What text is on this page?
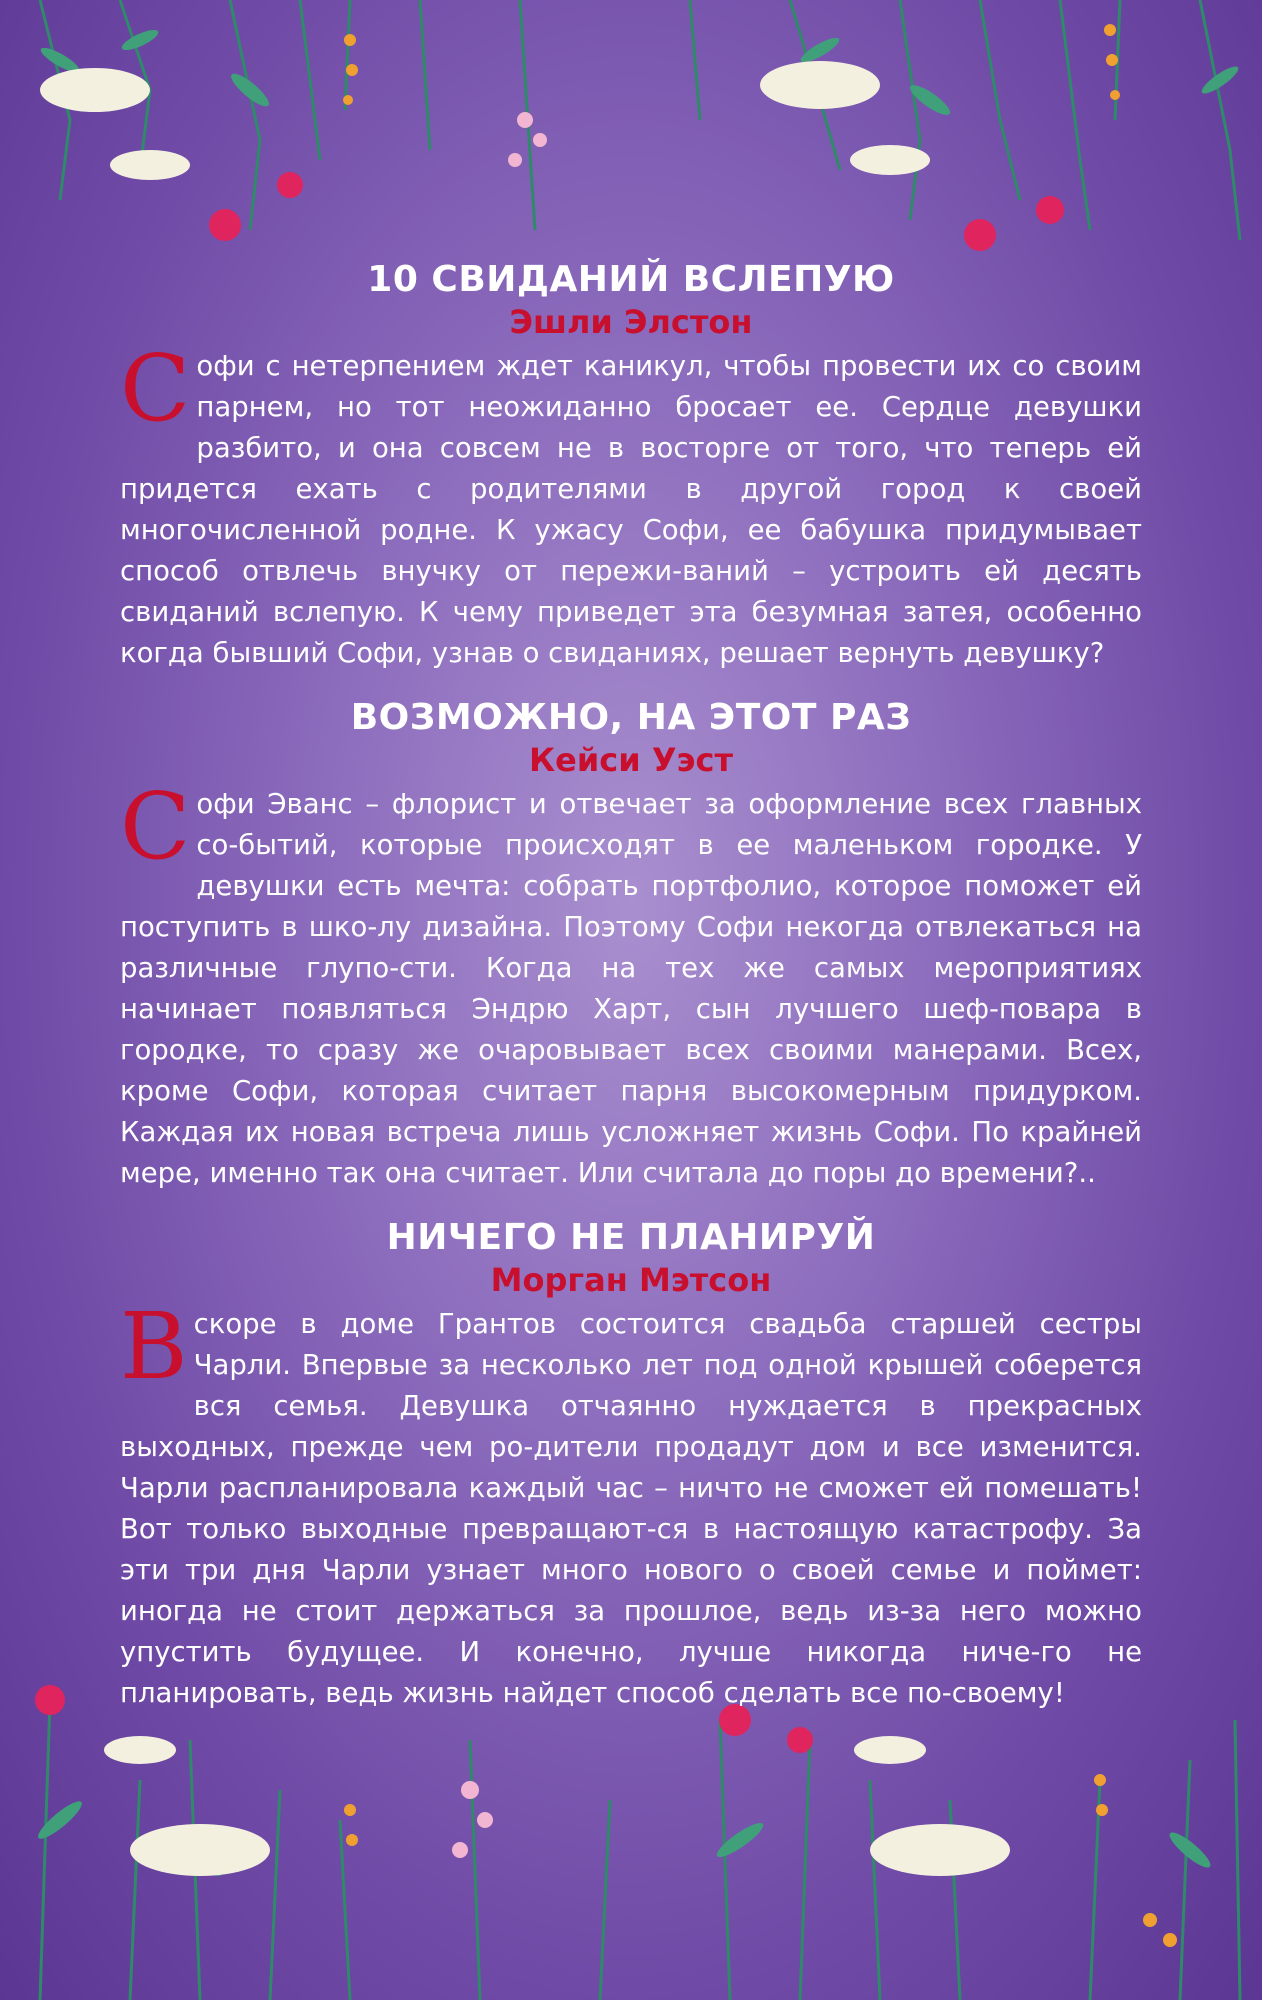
10 СВИДАНИЙ ВСЛЕПУЮ
Эшли Элстон

С офи с нетерпением ждет каникул, чтобы провести их со своим парнем, но тот неожиданно бросает ее. Сердце девушки разбито, и она совсем не в восторге от того, что теперь ей придется ехать с родителями в другой город к своей многочисленной родне. К ужасу Софи, ее бабушка придумывает способ отвлечь внучку от пережи-ваний – устроить ей десять свиданий вслепую. К чему приведет эта безумная затея, особенно когда бывший Софи, узнав о свиданиях, решает вернуть девушку?

ВОЗМОЖНО, НА ЭТОТ РАЗ
Кейси Уэст

С офи Эванс – флорист и отвечает за оформление всех главных со-бытий, которые происходят в ее маленьком городке. У девушки есть мечта: собрать портфолио, которое поможет ей поступить в шко-лу дизайна. Поэтому Софи некогда отвлекаться на различные глупо-сти. Когда на тех же самых мероприятиях начинает появляться Эндрю Харт, сын лучшего шеф-повара в городке, то сразу же очаровывает всех своими манерами. Всех, кроме Софи, которая считает парня высокомерным придурком. Каждая их новая встреча лишь усложняет жизнь Софи. По крайней мере, именно так она считает. Или считала до поры до времени?..

НИЧЕГО НЕ ПЛАНИРУЙ
Морган Мэтсон

В скоре в доме Грантов состоится свадьба старшей сестры Чарли. Впервые за несколько лет под одной крышей соберется вся семья. Девушка отчаянно нуждается в прекрасных выходных, прежде чем ро-дители продадут дом и все изменится. Чарли распланировала каждый час – ничто не сможет ей помешать! Вот только выходные превращают-ся в настоящую катастрофу. За эти три дня Чарли узнает много нового о своей семье и поймет: иногда не стоит держаться за прошлое, ведь из-за него можно упустить будущее. И конечно, лучше никогда ниче-го не планировать, ведь жизнь найдет способ сделать все по-своему!
